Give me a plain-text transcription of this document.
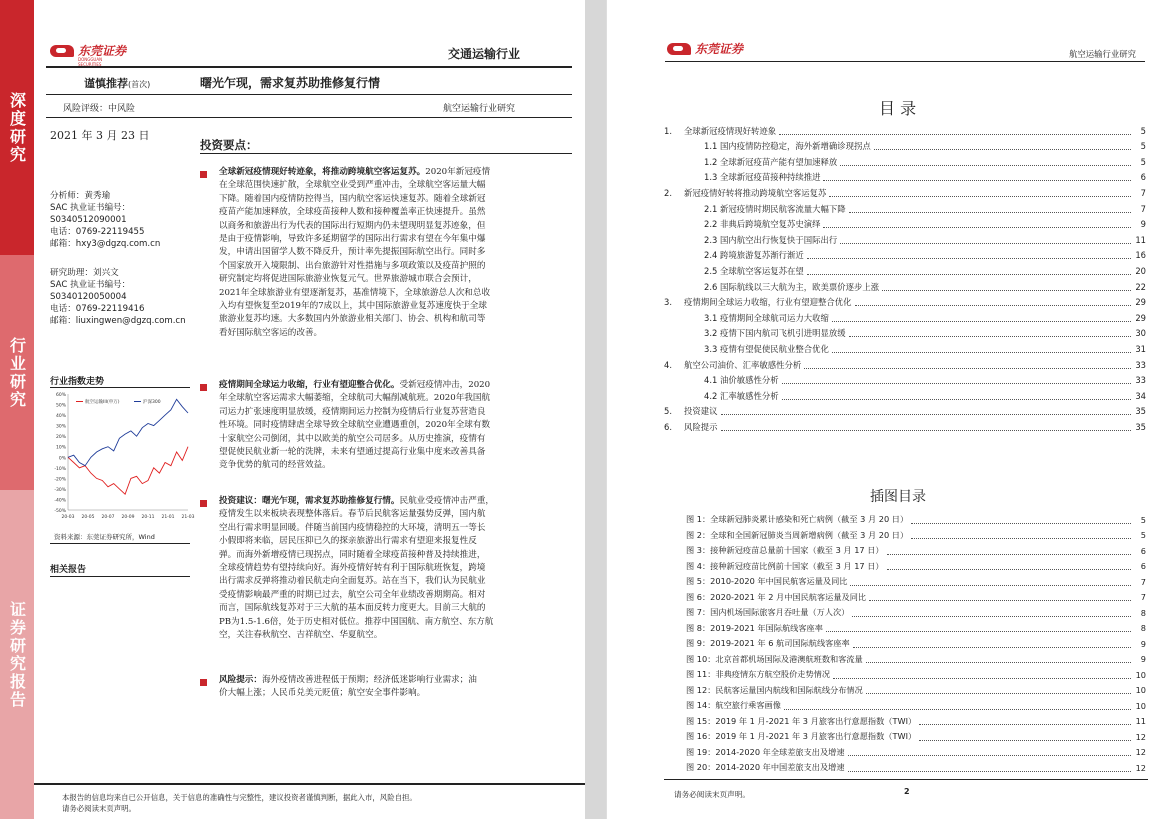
深度研究
行业研究
证券研究报告
东莞证券
DONGGUAN SECURITIES
交通运输行业
谨慎推荐(首次)	曙光乍现，需求复苏助推修复行情
风险评级：中风险	航空运输行业研究
2021 年 3 月 23 日
投资要点：
分析师：黄秀瑜
SAC 执业证书编号：
S0340512090001
电话：0769-22119455
邮箱：hxy3@dgzq.com.cn
研究助理：刘兴文
SAC 执业证书编号：
S0340120050004
电话：0769-22119416
邮箱：liuxingwen@dgzq.com.cn
行业指数走势
60%
50%
40%
30%
20%
10%
0%
-10%
-20%
-30%
-40%
-50%
20-03 20-05 20-07 20-09 20-11 21-01 21-03
航空运输III(申万)	沪深300
资料来源：东莞证券研究所，Wind
相关报告
全球新冠疫情现好转迹象，将推动跨境航空客运复苏。2020年新冠疫情
在全球范围快速扩散，全球航空业受到严重冲击，全球航空客运量大幅
下降。随着国内疫情防控得当，国内航空客运快速复苏。随着全球新冠
疫苗产能加速释放，全球疫苗接种人数和接种覆盖率正快速提升。虽然
以商务和旅游出行为代表的国际出行短期内仍未望现明显复苏迹象，但
是由于疫情影响，导致许多延期留学的国际出行需求有望在今年集中爆
发，申请出国留学人数不降反升，预计率先提振国际航空出行。同时多
个国家放开入境限制、出台旅游针对性措施与多项政策以及疫苗护照的
研究制定均将促进国际旅游业恢复元气。世界旅游城市联合会预计，
2021年全球旅游业有望逐渐复苏，基准情境下，全球旅游总人次和总收
入均有望恢复至2019年的7成以上，其中国际旅游业复苏速度快于全球
旅游业复苏均速。大多数国内外旅游业相关部门、协会、机构和航司等
看好国际航空客运的改善。
疫情期间全球运力收缩，行业有望迎整合优化。受新冠疫情冲击，2020
年全球航空客运需求大幅萎缩，全球航司大幅削减航班。2020年我国航
司运力扩张速度明显放缓，疫情期间运力控制为疫情后行业复苏营造良
性环境。同时疫情肆虐全球导致全球航空业遭遇重创，2020年全球有数
十家航空公司倒闭，其中以欧美的航空公司居多。从历史推演，疫情有
望促使民航业新一轮的洗牌，未来有望通过提高行业集中度来改善具备
竞争优势的航司的经营效益。
投资建议：曙光乍现，需求复苏助推修复行情。民航业受疫情冲击严重，
疫情发生以来板块表现整体落后。春节后民航客运量强势反弹，国内航
空出行需求明显回暖。伴随当前国内疫情稳控的大环境，清明五一等长
小假即将来临，居民压抑已久的探亲旅游出行需求有望迎来报复性反
弹。而海外新增疫情已现拐点，同时随着全球疫苗接种普及持续推进，
全球疫情趋势有望持续向好。海外疫情好转有利于国际航班恢复，跨境
出行需求反弹将推动着民航走向全面复苏。站在当下，我们认为民航业
受疫情影响最严重的时期已过去，航空公司全年业绩改善期期高。相对
而言，国际航线复苏对于三大航的基本面反转力度更大。目前三大航的
PB为1.5-1.6倍，处于历史相对低位。推荐中国国航、南方航空、东方航
空，关注春秋航空、吉祥航空、华夏航空。
风险提示：海外疫情改善进程低于预期；经济低迷影响行业需求；油
价大幅上涨；人民币兑美元贬值；航空安全事件影响。
本报告的信息均来自已公开信息，关于信息的准确性与完整性，建议投资者谨慎判断，据此入市，风险自担。
请务必阅读末页声明。
东莞证券	航空运输行业研究
目 录
1.	全球新冠疫情现好转迹象	5
1.1 国内疫情防控稳定，海外新增确诊现拐点	5
1.2 全球新冠疫苗产能有望加速释放	5
1.3 全球新冠疫苗接种持续推进	6
2.	新冠疫情好转将推动跨境航空客运复苏	7
2.1 新冠疫情时期民航客流量大幅下降	7
2.2 非典后跨境航空复苏史演绎	9
2.3 国内航空出行恢复快于国际出行	11
2.4 跨境旅游复苏渐行渐近	16
2.5 全球航空客运复苏在望	20
2.6 国际航线以三大航为主，欧美票价逐步上涨	22
3.	疫情期间全球运力收缩，行业有望迎整合优化	29
3.1 疫情期间全球航司运力大收缩	29
3.2 疫情下国内航司飞机引进明显放缓	30
3.3 疫情有望促使民航业整合优化	31
4.	航空公司油价、汇率敏感性分析	33
4.1 油价敏感性分析	33
4.2 汇率敏感性分析	34
5.	投资建议	35
6.	风险提示	35
插图目录
图 1：全球新冠肺炎累计感染和死亡病例（截至 3 月 20 日）	5
图 2：全球和全国新冠肺炎当周新增病例（截至 3 月 20 日）	5
图 3：接种新冠疫苗总量前十国家（截至 3 月 17 日）	6
图 4：接种新冠疫苗比例前十国家（截至 3 月 17 日）	6
图 5：2010-2020 年中国民航客运量及同比	7
图 6：2020-2021 年 2 月中国民航客运量及同比	7
图 7：国内机场国际旅客月吞吐量（万人次）	8
图 8：2019-2021 年国际航线客座率	8
图 9：2019-2021 年 6 航司国际航线客座率	9
图 10：北京首都机场国际及港澳航班数和客流量	9
图 11：非典疫情东方航空股价走势情况	10
图 12：民航客运量国内航线和国际航线分布情况	10
图 14：航空旅行乘客画像	10
图 15：2019 年 1 月-2021 年 3 月旅客出行意愿指数（TWI）	11
图 16：2019 年 1 月-2021 年 3 月旅客出行意愿指数（TWI）	12
图 19：2014-2020 年全球差旅支出及增速	12
图 20：2014-2020 年中国差旅支出及增速	12
请务必阅读末页声明。	2
